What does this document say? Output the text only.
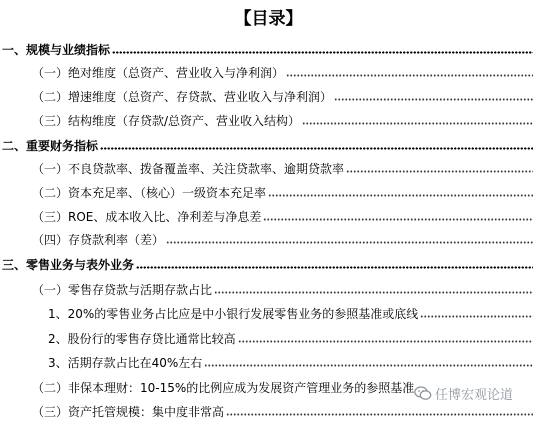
【目录】
一、规模与业绩指标
（一）绝对维度（总资产、营业收入与净利润）
（二）增速维度（总资产、存贷款、营业收入与净利润）
（三）结构维度（存贷款/总资产、营业收入结构）
二、重要财务指标
（一）不良贷款率、拨备覆盖率、关注贷款率、逾期贷款率
（二）资本充足率、（核心）一级资本充足率
（三）ROE、成本收入比、净利差与净息差
（四）存贷款利率（差）
三、零售业务与表外业务
（一）零售存贷款与活期存款占比
1、20%的零售业务占比应是中小银行发展零售业务的参照基准或底线
2、股份行的零售存贷比通常比较高
3、活期存款占比在40%左右
（二）非保本理财：10-15%的比例应成为发展资产管理业务的参照基准
（三）资产托管规模：集中度非常高
任博宏观论道
